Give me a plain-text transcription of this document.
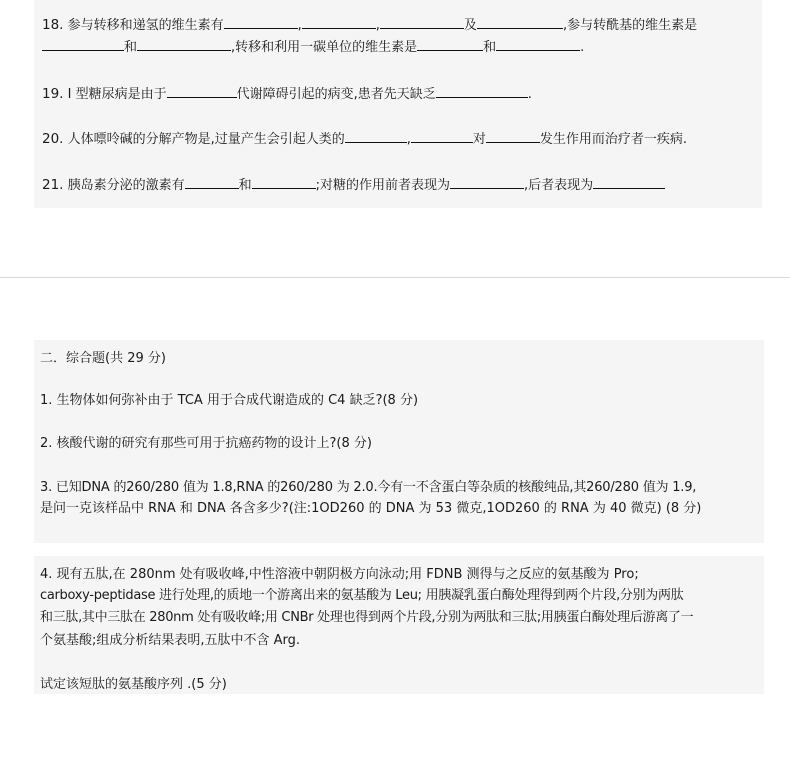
18. 参与转移和递氢的维生素有	,	,	及	,参与转酰基的维生素是
和	,转移和利用一碳单位的维生素是	和	.
19. I 型糖尿病是由于	代谢障碍引起的病变,患者先天缺乏	.
20. 人体嘌呤碱的分解产物是,过量产生会引起人类的	,	对	发生作用而治疗者一疾病.
21. 胰岛素分泌的激素有	和	;对糖的作用前者表现为	,后者表现为
二．综合题(共 29 分)
1. 生物体如何弥补由于 TCA 用于合成代谢造成的 C4 缺乏?(8 分)
2. 核酸代谢的研究有那些可用于抗癌药物的设计上?(8 分)
3. 已知DNA 的260/280 值为 1.8,RNA 的260/280 为 2.0.今有一不含蛋白等杂质的核酸纯品,其260/280 值为 1.9,
是问一克该样品中 RNA 和 DNA 各含多少?(注:1OD260 的 DNA 为 53 微克,1OD260 的 RNA 为 40 微克) (8 分)
4. 现有五肽,在 280nm 处有吸收峰,中性溶液中朝阴极方向泳动;用 FDNB 测得与之反应的氨基酸为 Pro;
carboxy-peptidase 进行处理,的质地一个游离出来的氨基酸为 Leu; 用胰凝乳蛋白酶处理得到两个片段,分别为两肽
和三肽,其中三肽在 280nm 处有吸收峰;用 CNBr 处理也得到两个片段,分别为两肽和三肽;用胰蛋白酶处理后游离了一
个氨基酸;组成分析结果表明,五肽中不含 Arg.
试定该短肽的氨基酸序列 .(5 分)
